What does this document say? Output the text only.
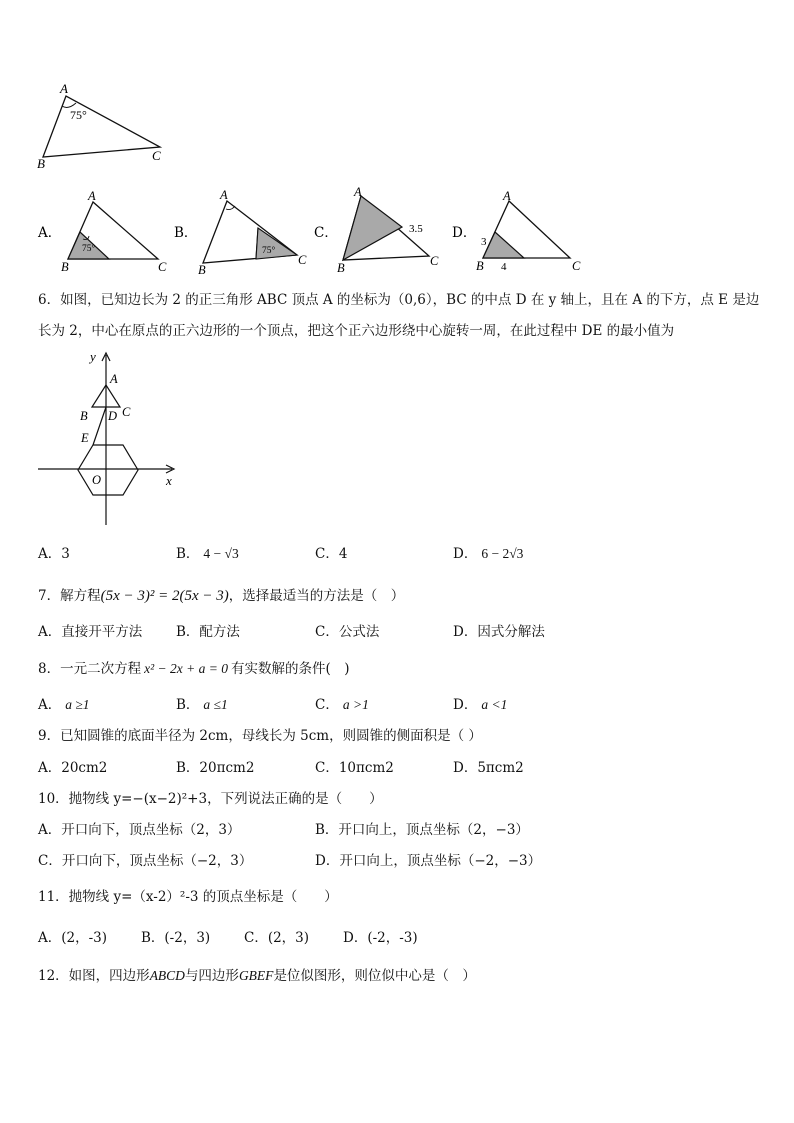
A
B
C
75°
A．
A
B	C
75°
B．
A
B
C
75°
C．
A
B	C
3.5 D．
A
B	C
3
4
6．如图，已知边长为 2 的正三角形 ABC 顶点 A 的坐标为（0,6），BC 的中点 D 在 y 轴上，且在 A 的下方，点 E 是边
长为 2，中心在原点的正六边形的一个顶点，把这个正六边形绕中心旋转一周，在此过程中 DE 的最小值为
y
x
A
B D C
E
O
A．3	B． 4 − √3	C．4	D． 6 − 2√3
7．解方程(5x − 3)² = 2(5x − 3)，选择最适当的方法是（　）
A．直接开平方法	B．配方法	C．公式法	D．因式分解法
8．一元二次方程 x² − 2x + a = 0 有实数解的条件(　)
A． a ≥1	B． a ≤1	C． a >1	D． a <1
9．已知圆锥的底面半径为 2cm，母线长为 5cm，则圆锥的侧面积是（ ）
A．20cm2	B．20πcm2	C．10πcm2	D．5πcm2
10．抛物线 y=−(x−2)²+3，下列说法正确的是（　　）
A．开口向下，顶点坐标（2，3）	B．开口向上，顶点坐标（2，−3）
C．开口向下，顶点坐标（−2，3）	D．开口向上，顶点坐标（−2，−3）
11．抛物线 y=（x-2）²-3 的顶点坐标是（　　）
A．(2，-3)	B．(-2，3)	C．(2，3)	D．(-2，-3)
12．如图，四边形ABCD与四边形GBEF是位似图形，则位似中心是（　）
